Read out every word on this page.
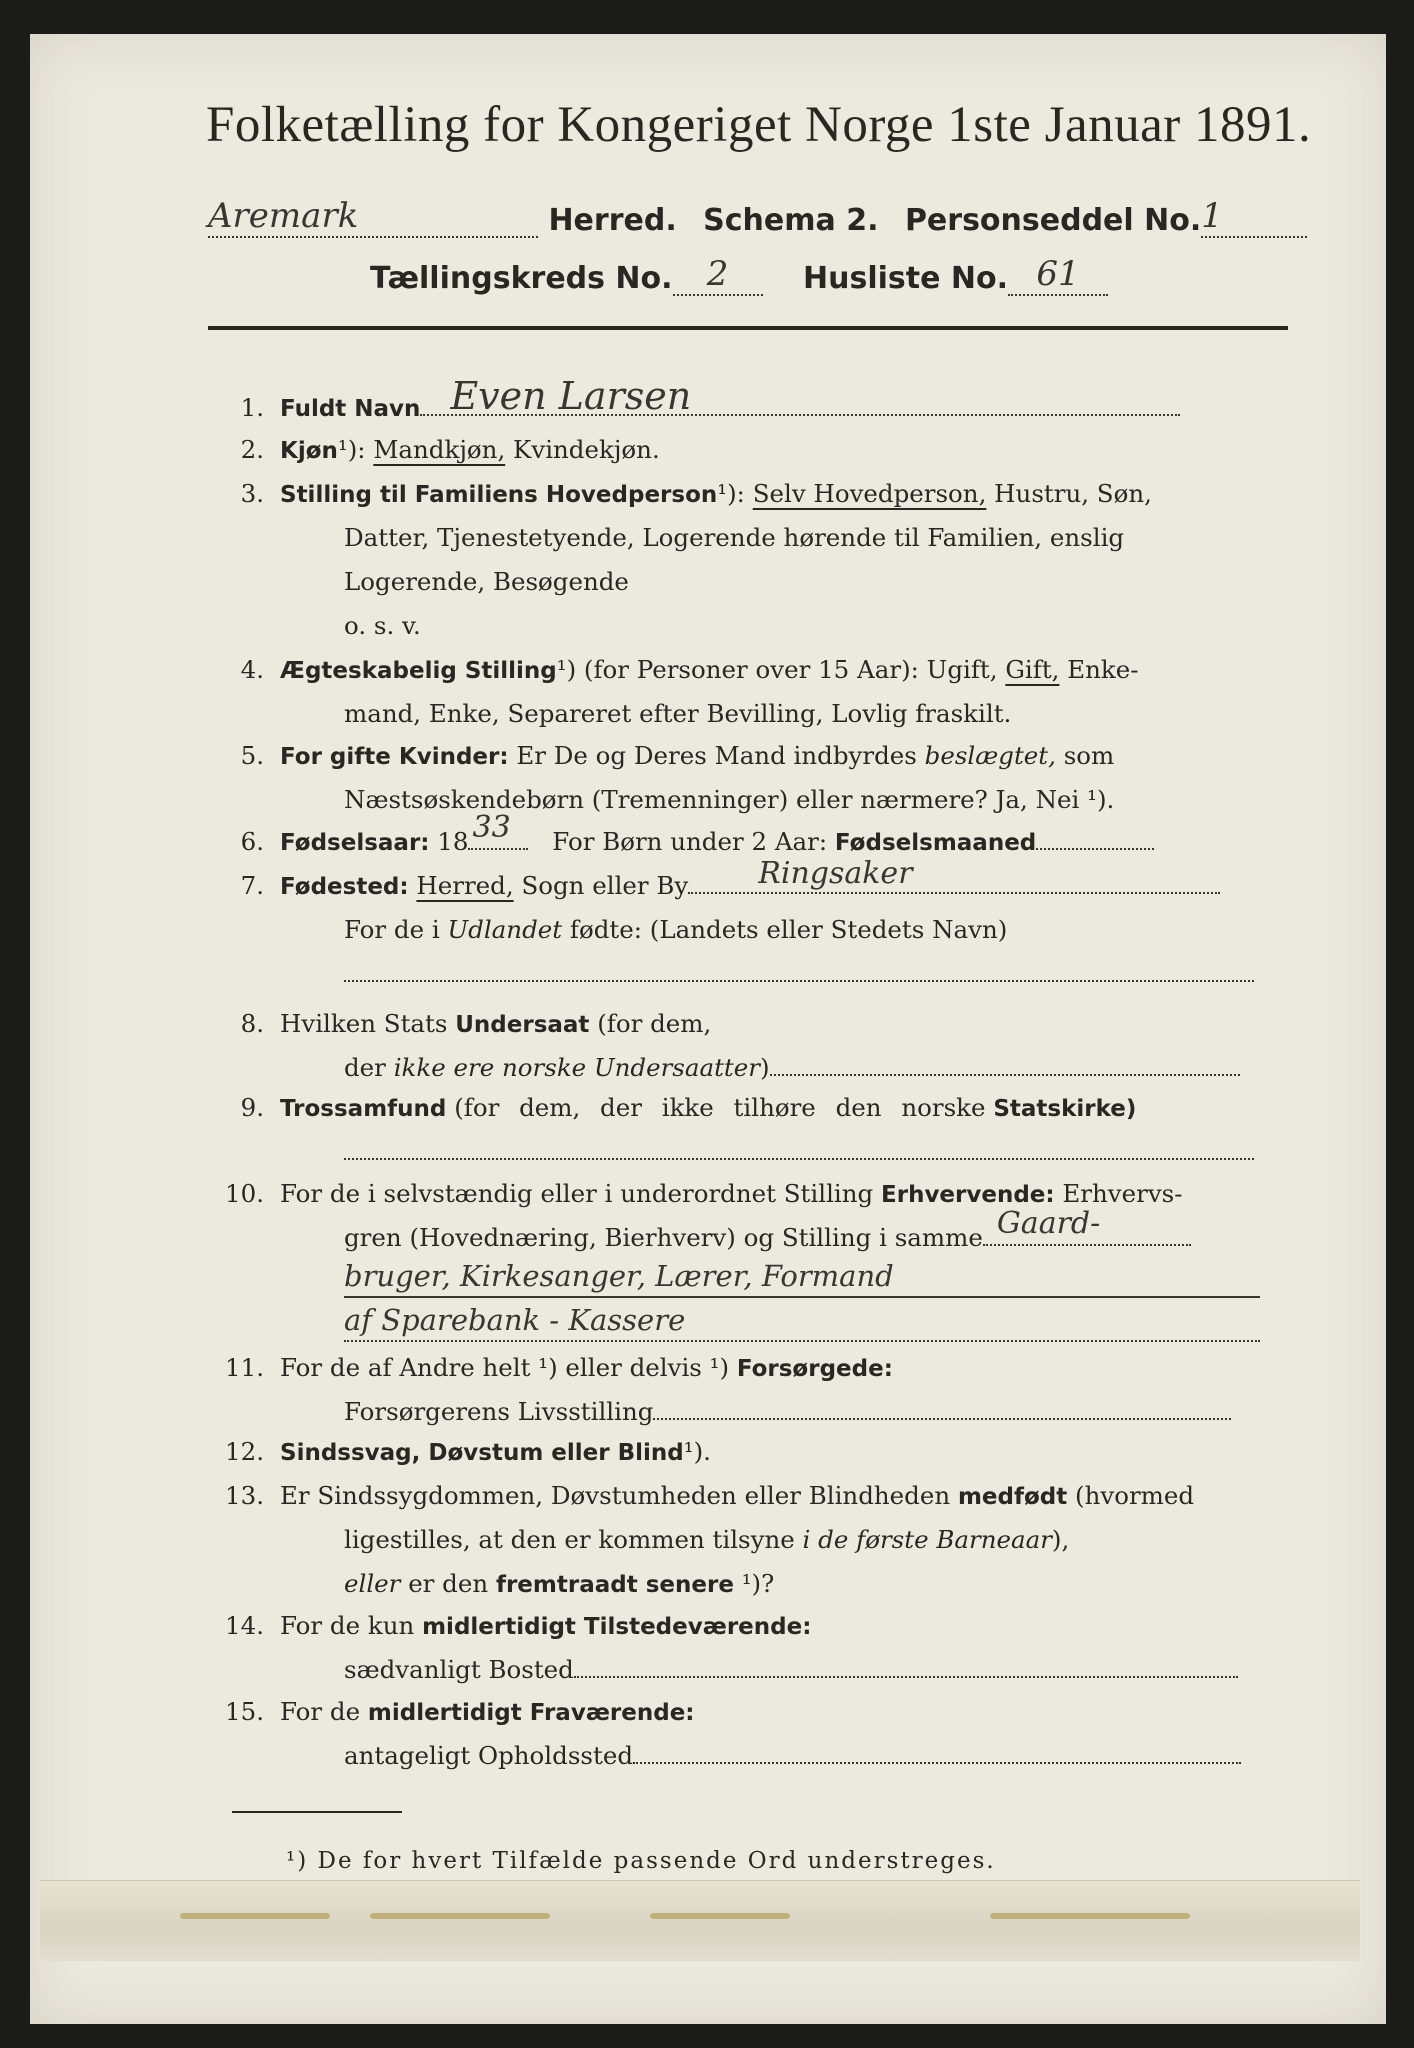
Folketælling for Kongeriget Norge 1ste Januar 1891.
Aremark	Herred. Schema 2. Personseddel No.1
Tællingskreds No. 2 Husliste No. 61
1. Fuldt Navn Even Larsen
2. Kjøn¹): Mandkjøn, Kvindekjøn.
3. Stilling til Familiens Hovedperson¹): Selv Hovedperson, Hustru, Søn,
Datter, Tjenestetyende, Logerende hørende til Familien, enslig
Logerende, Besøgende
o. s. v.
4. Ægteskabelig Stilling¹) (for Personer over 15 Aar): Ugift, Gift, Enke-
mand, Enke, Separeret efter Bevilling, Lovlig fraskilt.
5. For gifte Kvinder: Er De og Deres Mand indbyrdes beslægtet, som
Næstsøskendebørn (Tremenninger) eller nærmere? Ja, Nei ¹).
6. Fødselsaar: 18 33 For Børn under 2 Aar: Fødselsmaaned
7. Fødested: Herred, Sogn eller By Ringsaker
For de i Udlandet fødte: (Landets eller Stedets Navn)
8. Hvilken Stats Undersaat (for dem,
der ikke ere norske Undersaatter)
9. Trossamfund (for dem, der ikke tilhøre den norske Statskirke)
10. For de i selvstændig eller i underordnet Stilling Erhvervende: Erhvervs-
gren (Hovednæring, Bierhverv) og Stilling i samme Gaard-
bruger, Kirkesanger, Lærer, Formand
af Sparebank - Kassere
11. For de af Andre helt ¹) eller delvis ¹) Forsørgede:
Forsørgerens Livsstilling
12. Sindssvag, Døvstum eller Blind¹).
13. Er Sindssygdommen, Døvstumheden eller Blindheden medfødt (hvormed
ligestilles, at den er kommen tilsyne i de første Barneaar),
eller er den fremtraadt senere ¹)?
14. For de kun midlertidigt Tilstedeværende:
sædvanligt Bosted
15. For de midlertidigt Fraværende:
antageligt Opholdssted
¹) De for hvert Tilfælde passende Ord understreges.
